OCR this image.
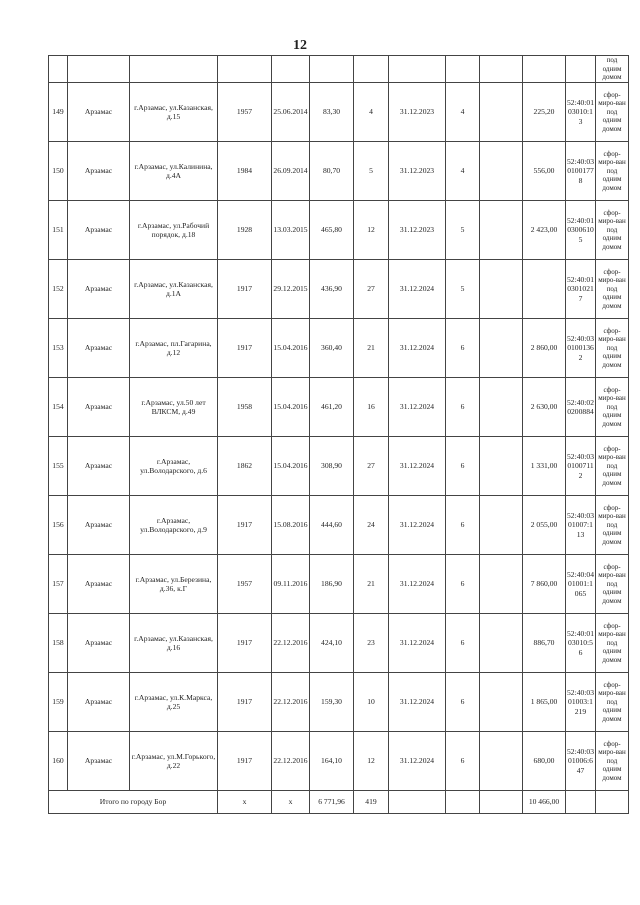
12
												под одним домом
149	Арзамас	г.Арзамас, ул.Казанская, д.15	1957	25.06.2014	83,30	4	31.12.2023	4		225,20	52:40:0103010:13	сфор-миро-ван под одним домом
150	Арзамас	г.Арзамас, ул.Калинина, д.4А	1984	26.09.2014	80,70	5	31.12.2023	4		556,00	52:40:0301001778	сфор-миро-ван под одним домом
151	Арзамас	г.Арзамас, ул.Рабочий порядок, д.18	1928	13.03.2015	465,80	12	31.12.2023	5		2 423,00	52:40:0103006105	сфор-миро-ван под одним домом
152	Арзамас	г.Арзамас, ул.Казанская, д.1А	1917	29.12.2015	436,90	27	31.12.2024	5			52:40:0103010217	сфор-миро-ван под одним домом
153	Арзамас	г.Арзамас, пл.Гагарина, д.12	1917	15.04.2016	360,40	21	31.12.2024	6		2 860,00	52:40:0301001362	сфор-миро-ван под одним домом
154	Арзамас	г.Арзамас, ул.50 лет ВЛКСМ, д.49	1958	15.04.2016	461,20	16	31.12.2024	6		2 630,00	52:40:020200884	сфор-миро-ван под одним домом
155	Арзамас	г.Арзамас, ул.Володарского, д.6	1862	15.04.2016	308,90	27	31.12.2024	6		1 331,00	52:40:0301007112	сфор-миро-ван под одним домом
156	Арзамас	г.Арзамас, ул.Володарского, д.9	1917	15.08.2016	444,60	24	31.12.2024	6		2 055,00	52:40:0301007:113	сфор-миро-ван под одним домом
157	Арзамас	г.Арзамас, ул.Березина, д.36, к.Г	1957	09.11.2016	186,90	21	31.12.2024	6		7 860,00	52:40:0401001:1065	сфор-миро-ван под одним домом
158	Арзамас	г.Арзамас, ул.Казанская, д.16	1917	22.12.2016	424,10	23	31.12.2024	6		886,70	52:40:0103010:56	сфор-миро-ван под одним домом
159	Арзамас	г.Арзамас, ул.К.Маркса, д.25	1917	22.12.2016	159,30	10	31.12.2024	6		1 865,00	52:40:0301003:1219	сфор-миро-ван под одним домом
160	Арзамас	г.Арзамас, ул.М.Горького, д.22	1917	22.12.2016	164,10	12	31.12.2024	6		680,00	52:40:0301006:647	сфор-миро-ван под одним домом
Итого по городу Бор			х	х	6 771,96	419				10 466,00		
